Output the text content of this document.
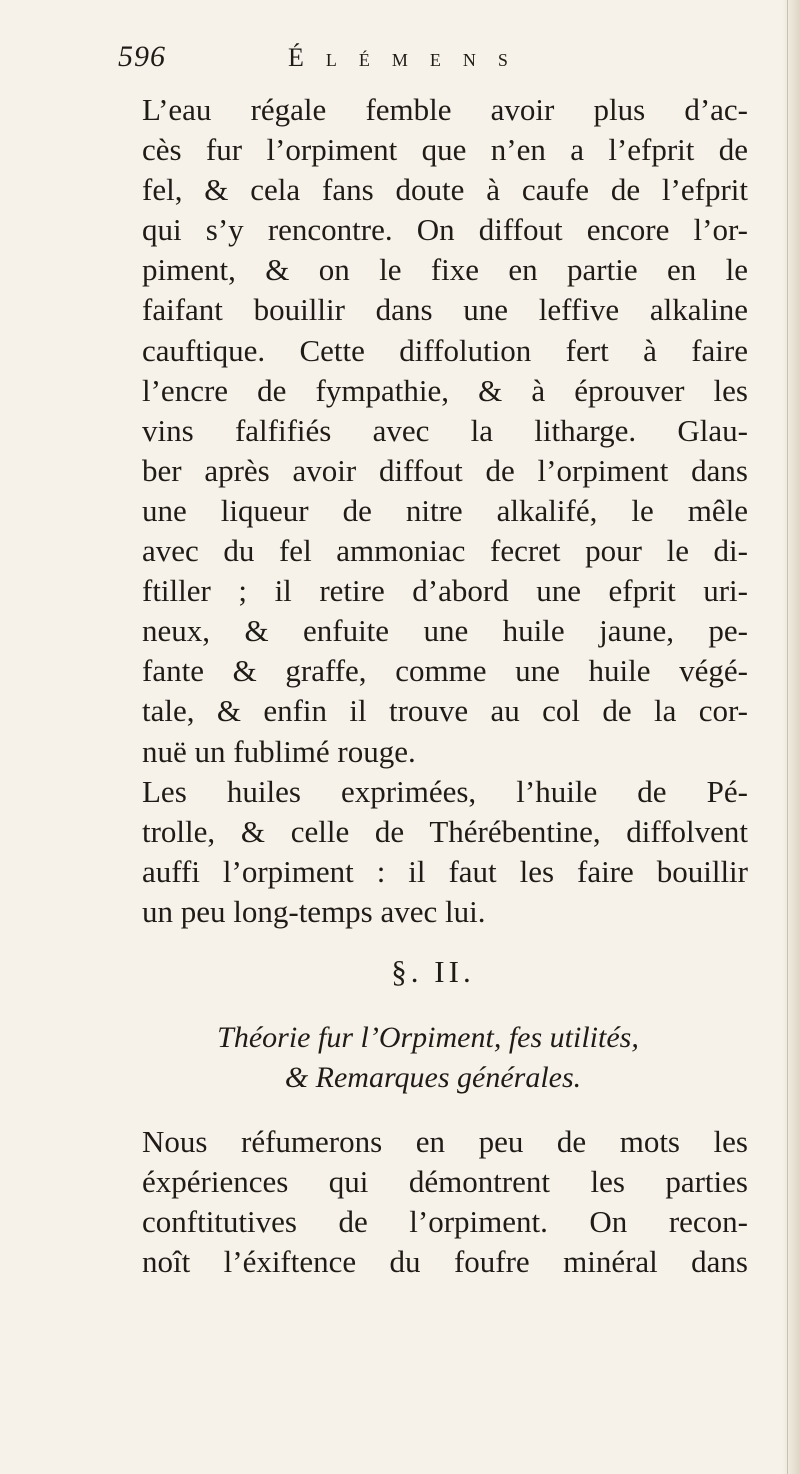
596	Élémens

L’eau régale femble avoir plus d’ac-
cès fur l’orpiment que n’en a l’efprit de
fel, & cela fans doute à caufe de l’efprit
qui s’y rencontre. On diffout encore l’or-
piment, & on le fixe en partie en le
faifant bouillir dans une leffive alkaline
cauftique. Cette diffolution fert à faire
l’encre de fympathie, & à éprouver les
vins falfifiés avec la litharge. Glau-
ber après avoir diffout de l’orpiment dans
une liqueur de nitre alkalifé, le mêle
avec du fel ammoniac fecret pour le di-
ftiller ; il retire d’abord une efprit uri-
neux, & enfuite une huile jaune, pe-
fante & graffe, comme une huile végé-
tale, & enfin il trouve au col de la cor-
nuë un fublimé rouge.

Les huiles exprimées, l’huile de Pé-
trolle, & celle de Thérébentine, diffolvent
auffi l’orpiment : il faut les faire bouillir
un peu long-temps avec lui.

§. II.
Théorie fur l’Orpiment, fes utilités,
& Remarques générales.

Nous réfumerons en peu de mots les
éxpériences qui démontrent les parties
conftitutives de l’orpiment. On recon-
noît l’éxiftence du foufre minéral dans
